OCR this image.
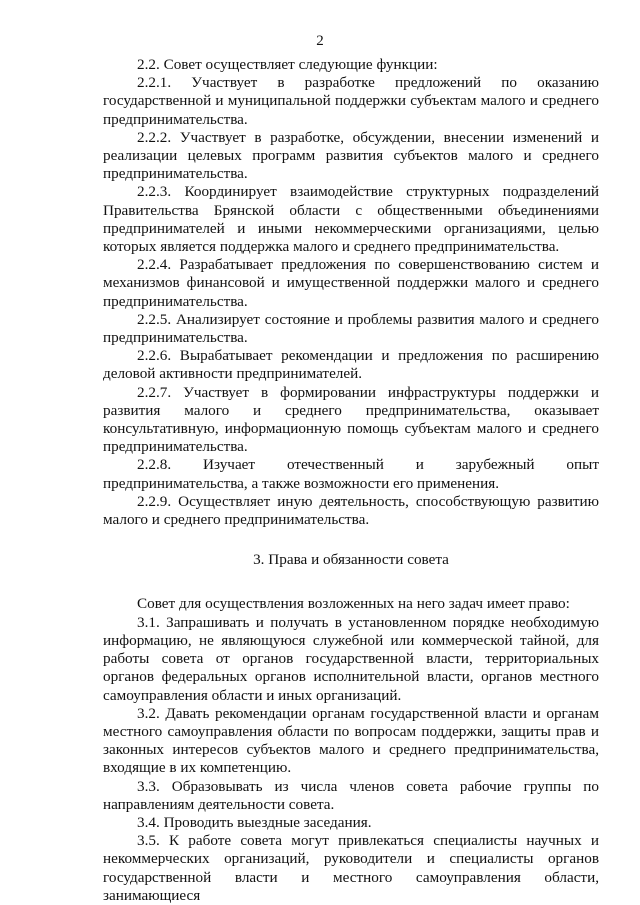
2

2.2. Совет осуществляет следующие функции:

2.2.1. Участвует в разработке предложений по оказанию государственной и муниципальной поддержки субъектам малого и среднего предпринимательства.

2.2.2. Участвует в разработке, обсуждении, внесении изменений и реализации целевых программ развития субъектов малого и среднего предпринимательства.

2.2.3. Координирует взаимодействие структурных подразделений Правительства Брянской области с общественными объединениями предпринимателей и иными некоммерческими организациями, целью которых является поддержка малого и среднего предпринимательства.

2.2.4. Разрабатывает предложения по совершенствованию систем и механизмов финансовой и имущественной поддержки малого и среднего предпринимательства.

2.2.5. Анализирует состояние и проблемы развития малого и среднего предпринимательства.

2.2.6. Вырабатывает рекомендации и предложения по расширению деловой активности предпринимателей.

2.2.7. Участвует в формировании инфраструктуры поддержки и развития малого и среднего предпринимательства, оказывает консультативную, информационную помощь субъектам малого и среднего предпринимательства.

2.2.8. Изучает отечественный и зарубежный опыт предпринимательства, а также возможности его применения.

2.2.9. Осуществляет иную деятельность, способствующую развитию малого и среднего предпринимательства.

3. Права и обязанности совета

Совет для осуществления возложенных на него задач имеет право:

3.1. Запрашивать и получать в установленном порядке необходимую информацию, не являющуюся служебной или коммерческой тайной, для работы совета от органов государственной власти, территориальных органов федеральных органов исполнительной власти, органов местного самоуправления области и иных организаций.

3.2. Давать рекомендации органам государственной власти и органам местного самоуправления области по вопросам поддержки, защиты прав и законных интересов субъектов малого и среднего предпринимательства, входящие в их компетенцию.

3.3. Образовывать из числа членов совета рабочие группы по направлениям деятельности совета.

3.4. Проводить выездные заседания.

3.5. К работе совета могут привлекаться специалисты научных и некоммерческих организаций, руководители и специалисты органов государственной власти и местного самоуправления области, занимающиеся
